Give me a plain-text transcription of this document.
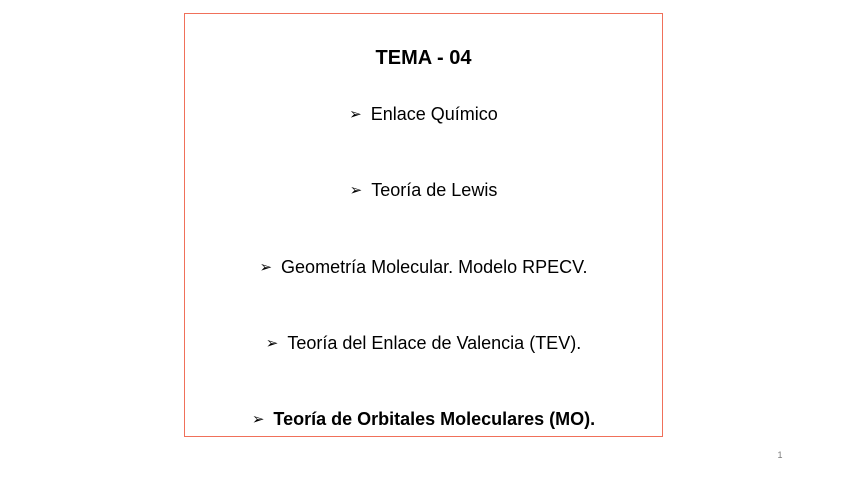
TEMA - 04
➢ Enlace Químico
➢ Teoría de Lewis
➢ Geometría Molecular. Modelo RPECV.
➢ Teoría del Enlace de Valencia (TEV).
➢ Teoría de Orbitales Moleculares (MO).
1
